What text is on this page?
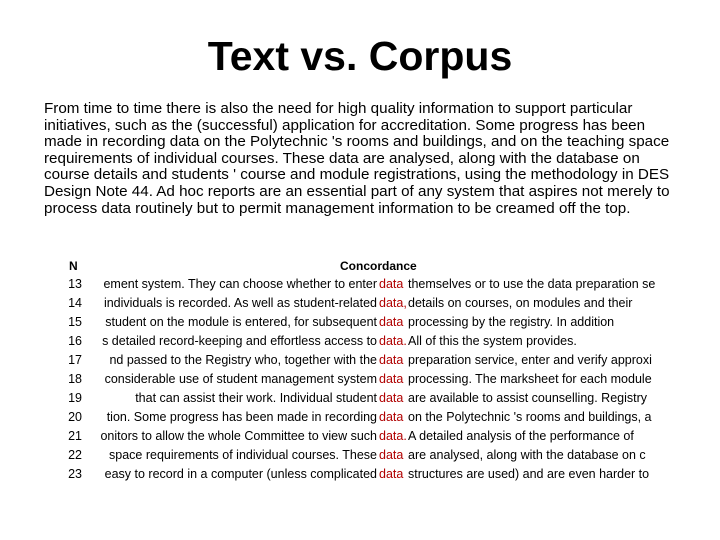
Text vs. Corpus

From time to time there is also the need for high quality information to support particular initiatives, such as the (successful) application for accreditation. Some progress has been made in recording data on the Polytechnic 's rooms and buildings, and on the teaching space requirements of individual courses. These data are analysed, along with the database on course details and students ' course and module registrations, using the methodology in DES Design Note 44. Ad hoc reports are an essential part of any system that aspires not merely to process data routinely but to permit management information to be creamed off the top.

N	Concordance
13	ement system. They can choose whether to enter data themselves or to use the data preparation se
14	individuals is recorded. As well as student-related data, details on courses, on modules and their
15	student on the module is entered, for subsequent data processing by the registry. In addition
16	s detailed record-keeping and effortless access to data. All of this the system provides.
17	nd passed to the Registry who, together with the data preparation service, enter and verify approxi
18	considerable use of student management system data processing. The marksheet for each module
19	that can assist their work. Individual student data are available to assist counselling. Registry
20	tion. Some progress has been made in recording data on the Polytechnic 's rooms and buildings, a
21	onitors to allow the whole Committee to view such data. A detailed analysis of the performance of
22	space requirements of individual courses. These data are analysed, along with the database on c
23	easy to record in a computer (unless complicated data structures are used) and are even harder to
